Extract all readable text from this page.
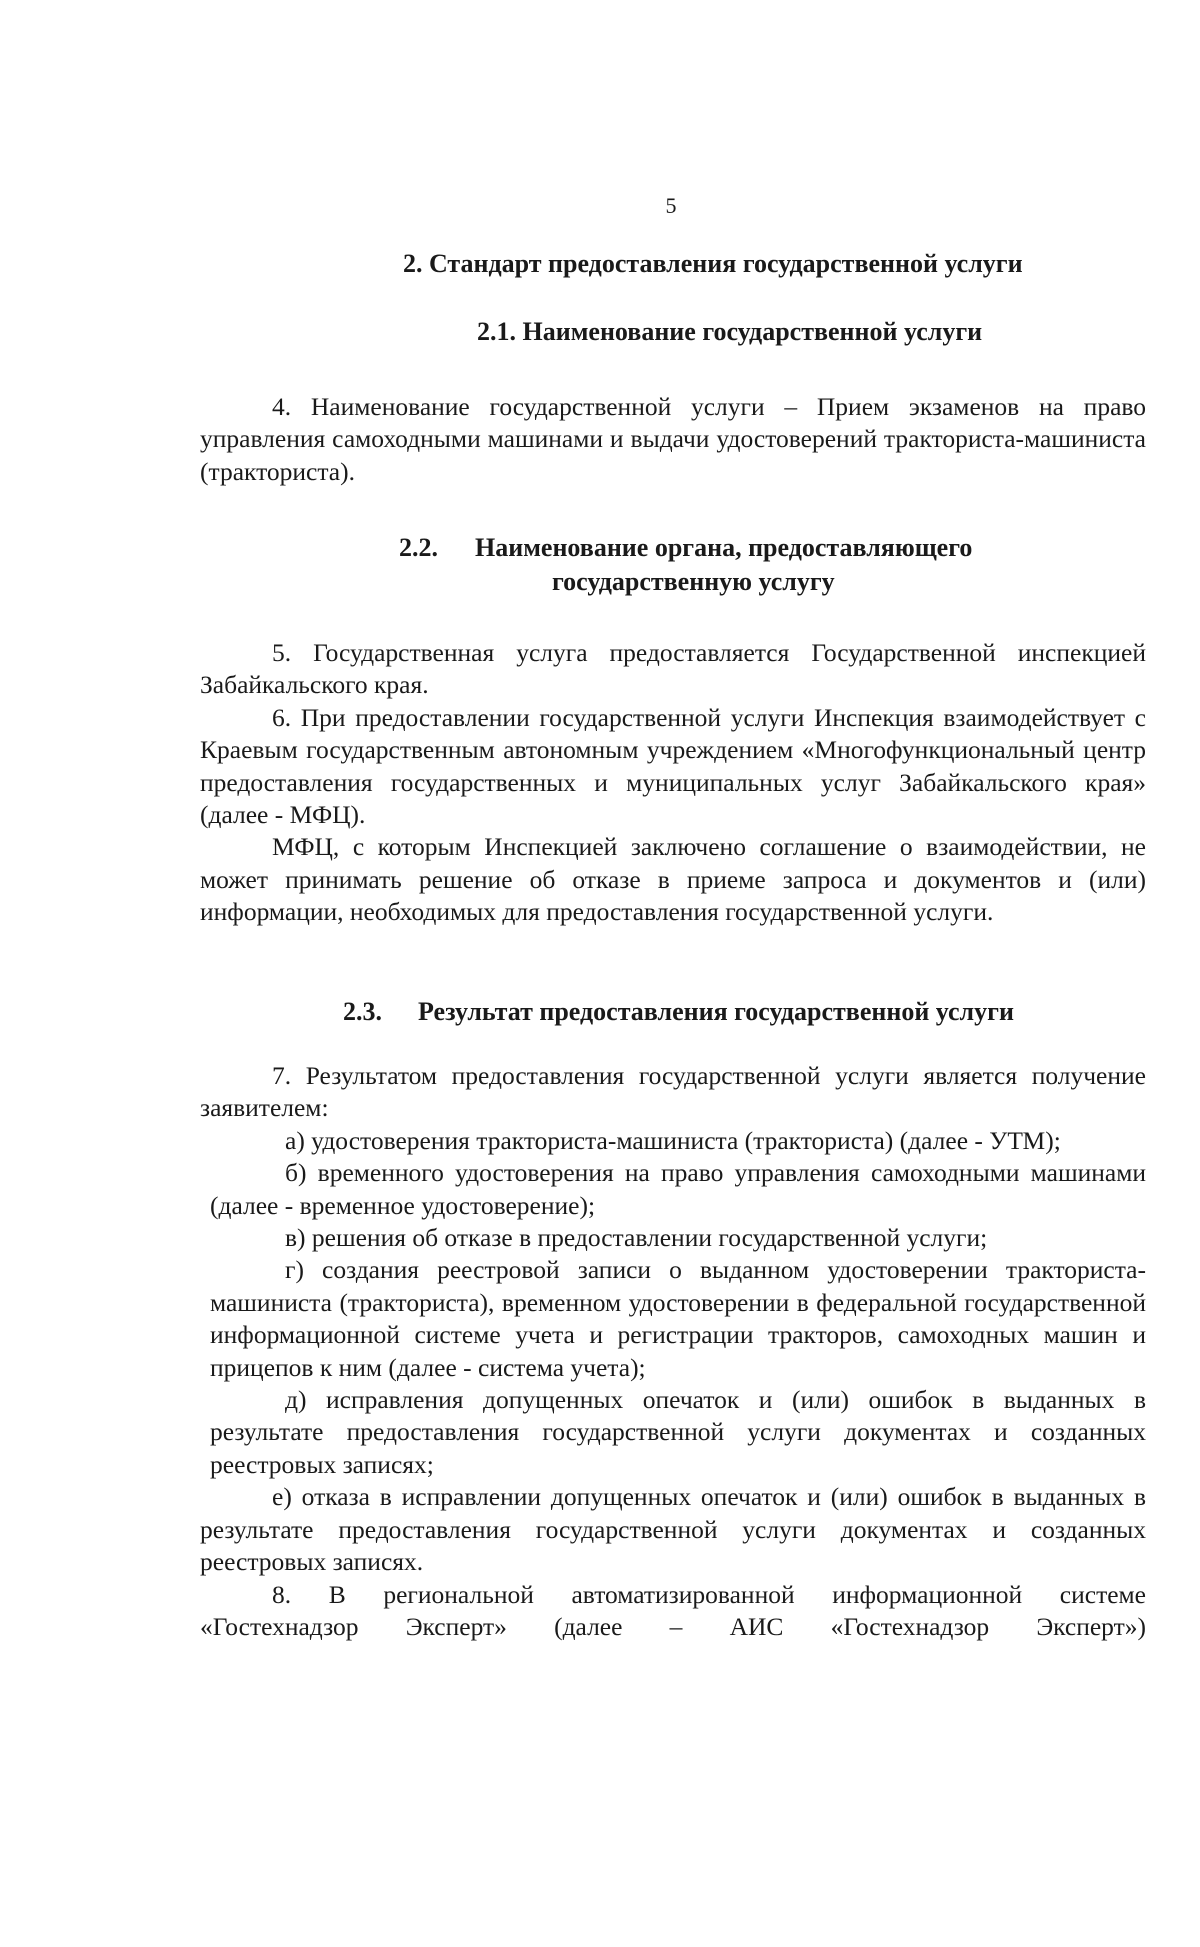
5
2. Стандарт предоставления государственной услуги
2.1. Наименование государственной услуги

4. Наименование государственной услуги – Прием экзаменов на право управления самоходными машинами и выдачи удостоверений тракториста-машиниста (тракториста).

2.2. Наименование органа, предоставляющего
государственную услугу

5. Государственная услуга предоставляется Государственной инспекцией Забайкальского края.

6. При предоставлении государственной услуги Инспекция взаимодействует с Краевым государственным автономным учреждением «Многофункциональный центр предоставления государственных и муниципальных услуг Забайкальского края» (далее - МФЦ).

МФЦ, с которым Инспекцией заключено соглашение о взаимодействии, не может принимать решение об отказе в приеме запроса и документов и (или) информации, необходимых для предоставления государственной услуги.

2.3. Результат предоставления государственной услуги

7. Результатом предоставления государственной услуги является получение заявителем:

а) удостоверения тракториста-машиниста (тракториста) (далее - УТМ);

б) временного удостоверения на право управления самоходными машинами (далее - временное удостоверение);

в) решения об отказе в предоставлении государственной услуги;

г) создания реестровой записи о выданном удостоверении тракториста-машиниста (тракториста), временном удостоверении в федеральной государственной информационной системе учета и регистрации тракторов, самоходных машин и прицепов к ним (далее - система учета);

д) исправления допущенных опечаток и (или) ошибок в выданных в результате предоставления государственной услуги документах и созданных реестровых записях;

е) отказа в исправлении допущенных опечаток и (или) ошибок в выданных в результате предоставления государственной услуги документах и созданных реестровых записях.

8. В региональной автоматизированной информационной системе «Гостехнадзор Эксперт» (далее – АИС «Гостехнадзор Эксперт»)
